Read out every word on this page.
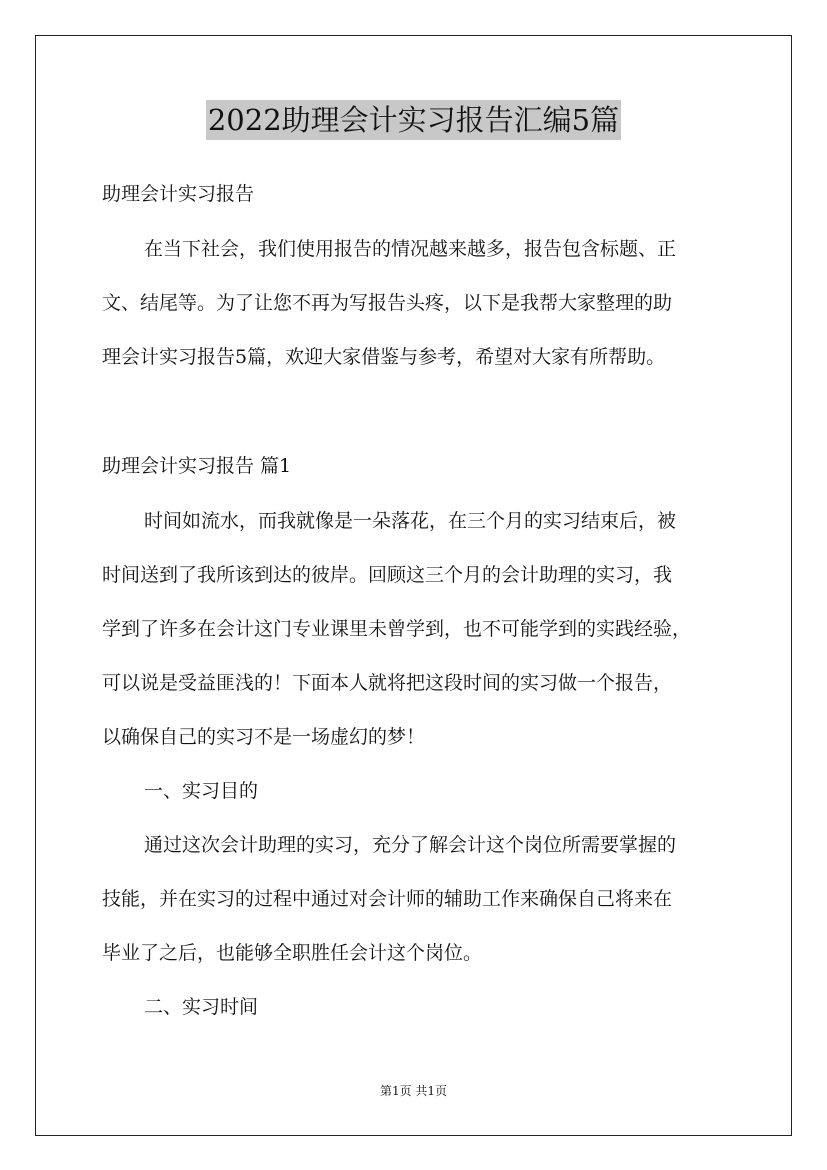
2022助理会计实习报告汇编5篇
助理会计实习报告
在当下社会，我们使用报告的情况越来越多，报告包含标题、正
文、结尾等。为了让您不再为写报告头疼，以下是我帮大家整理的助
理会计实习报告5篇，欢迎大家借鉴与参考，希望对大家有所帮助。
助理会计实习报告 篇1
时间如流水，而我就像是一朵落花，在三个月的实习结束后，被
时间送到了我所该到达的彼岸。回顾这三个月的会计助理的实习，我
学到了许多在会计这门专业课里未曾学到，也不可能学到的实践经验，
可以说是受益匪浅的！下面本人就将把这段时间的实习做一个报告，
以确保自己的实习不是一场虚幻的梦！
一、实习目的
通过这次会计助理的实习，充分了解会计这个岗位所需要掌握的
技能，并在实习的过程中通过对会计师的辅助工作来确保自己将来在
毕业了之后，也能够全职胜任会计这个岗位。
二、实习时间
第1页 共1页
